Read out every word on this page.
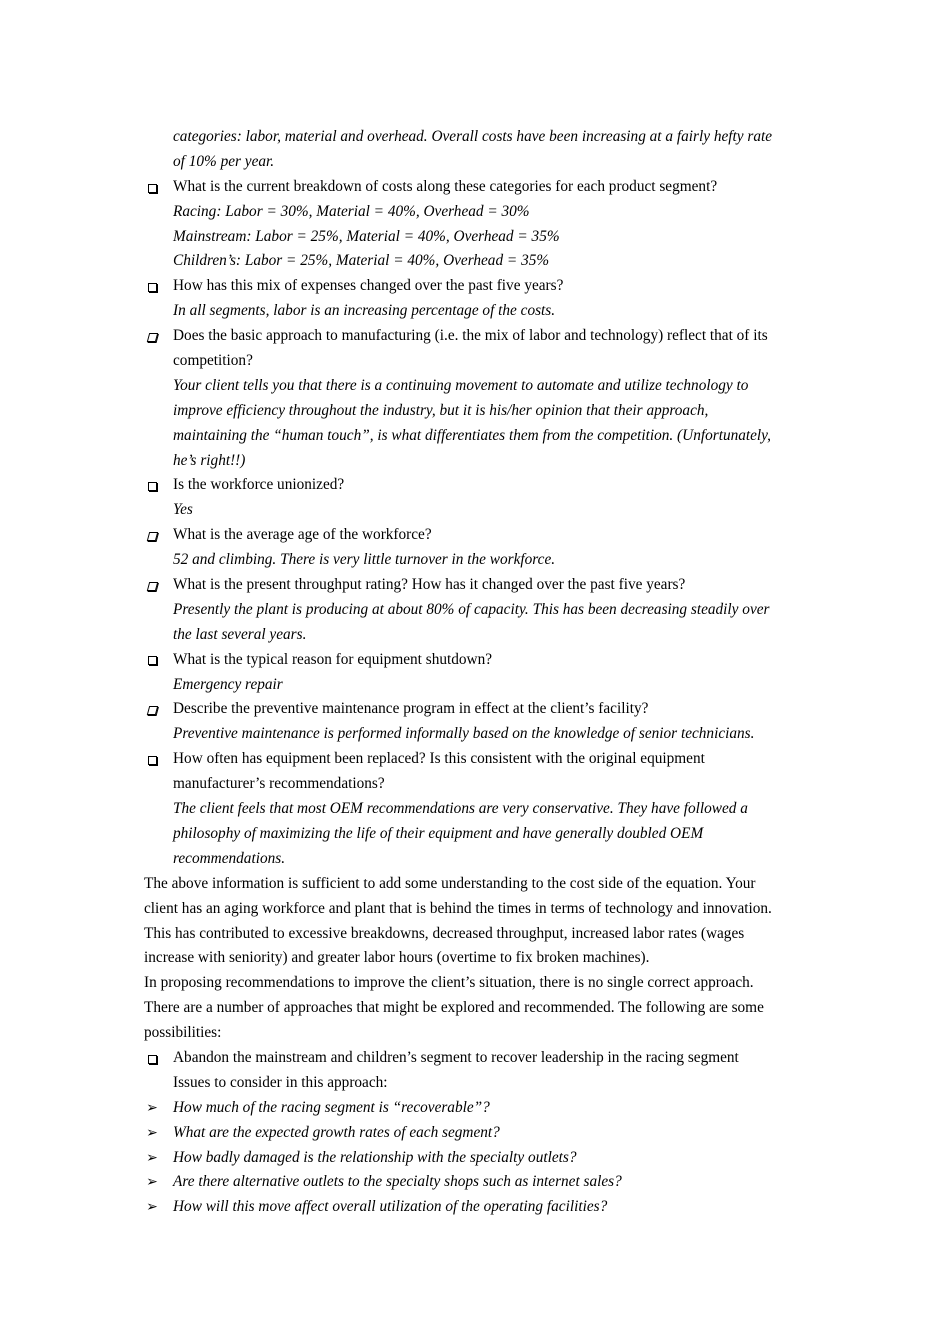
categories: labor, material and overhead. Overall costs have been increasing at a fairly hefty rate
of 10% per year.
What is the current breakdown of costs along these categories for each product segment?
Racing: Labor = 30%, Material = 40%, Overhead = 30%
Mainstream: Labor = 25%, Material = 40%, Overhead = 35%
Children’s: Labor = 25%, Material = 40%, Overhead = 35%
How has this mix of expenses changed over the past five years?
In all segments, labor is an increasing percentage of the costs.
Does the basic approach to manufacturing (i.e. the mix of labor and technology) reflect that of its
competition?
Your client tells you that there is a continuing movement to automate and utilize technology to
improve efficiency throughout the industry, but it is his/her opinion that their approach,
maintaining the “human touch”, is what differentiates them from the competition. (Unfortunately,
he’s right!!)
Is the workforce unionized?
Yes
What is the average age of the workforce?
52 and climbing. There is very little turnover in the workforce.
What is the present throughput rating? How has it changed over the past five years?
Presently the plant is producing at about 80% of capacity. This has been decreasing steadily over
the last several years.
What is the typical reason for equipment shutdown?
Emergency repair
Describe the preventive maintenance program in effect at the client’s facility?
Preventive maintenance is performed informally based on the knowledge of senior technicians.
How often has equipment been replaced? Is this consistent with the original equipment
manufacturer’s recommendations?
The client feels that most OEM recommendations are very conservative. They have followed a
philosophy of maximizing the life of their equipment and have generally doubled OEM
recommendations.
The above information is sufficient to add some understanding to the cost side of the equation. Your
client has an aging workforce and plant that is behind the times in terms of technology and innovation.
This has contributed to excessive breakdowns, decreased throughput, increased labor rates (wages
increase with seniority) and greater labor hours (overtime to fix broken machines).
In proposing recommendations to improve the client’s situation, there is no single correct approach.
There are a number of approaches that might be explored and recommended. The following are some
possibilities:
Abandon the mainstream and children’s segment to recover leadership in the racing segment
Issues to consider in this approach:
➢ How much of the racing segment is “recoverable”?
➢ What are the expected growth rates of each segment?
➢ How badly damaged is the relationship with the specialty outlets?
➢ Are there alternative outlets to the specialty shops such as internet sales?
➢ How will this move affect overall utilization of the operating facilities?
